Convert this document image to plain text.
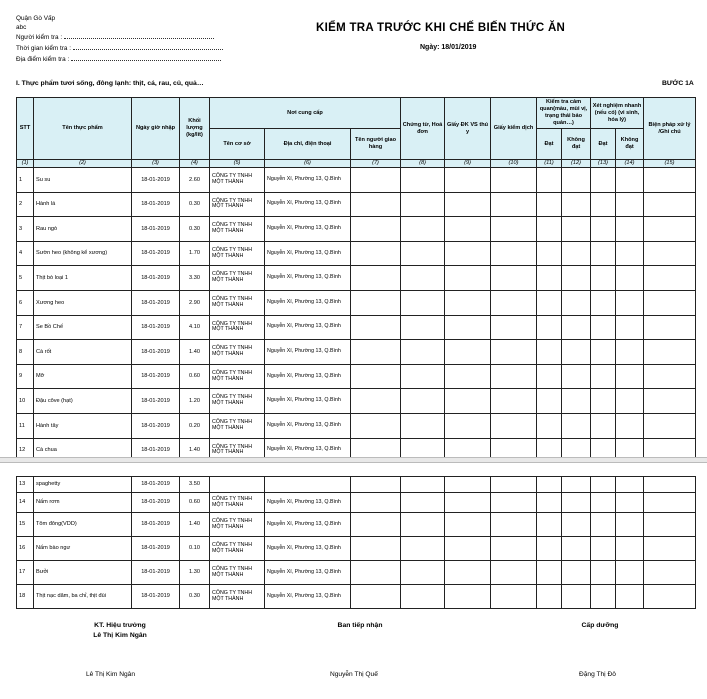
Quận Gò Vấp
abc
Người kiểm tra :
Thời gian kiểm tra :
Địa điểm kiểm tra :
KIỂM TRA TRƯỚC KHI CHẾ BIẾN THỨC ĂN
Ngày: 18/01/2019
I. Thực phẩm tươi sống, đông lạnh: thịt, cá, rau, củ, quả…	BƯỚC 1A
STT	Tên thực phẩm	Ngày giờ nhập	Khối lượng (kg/lít)	Nơi cung cấp			Chứng từ, Hoá đơn	Giấy ĐK VS thú y	Giấy kiểm dịch	Kiểm tra cảm quan(màu, mùi vị, trạng thái bảo quản…)		Xét nghiệm nhanh (nếu có) (vi sinh, hóa lý)		Biện pháp xử lý /Ghi chú
				Tên cơ sở	Địa chỉ, điện thoại	Tên người giao hàng				Đạt	Không đạt	Đạt	Không đạt	
(1)	(2)	(3)	(4)	(5)	(6)	(7)	(8)	(9)	(10)	(11)	(12)	(13)	(14)	(15)
1	Su su	18-01-2019	2.60	CÔNG TY TNHH MỘT THÀNH	Nguyễn Xí, Phường 13, Q.Bình									
2	Hành lá	18-01-2019	0.30	CÔNG TY TNHH MỘT THÀNH	Nguyễn Xí, Phường 13, Q.Bình									
3	Rau ngò	18-01-2019	0.30	CÔNG TY TNHH MỘT THÀNH	Nguyễn Xí, Phường 13, Q.Bình									
4	Sườn heo (không kể xương)	18-01-2019	1.70	CÔNG TY TNHH MỘT THÀNH	Nguyễn Xí, Phường 13, Q.Bình									
5	Thịt bò loại 1	18-01-2019	3.30	CÔNG TY TNHH MỘT THÀNH	Nguyễn Xí, Phường 13, Q.Bình									
6	Xương heo	18-01-2019	2.90	CÔNG TY TNHH MỘT THÀNH	Nguyễn Xí, Phường 13, Q.Bình									
7	Se Bồ Chế	18-01-2019	4.10	CÔNG TY TNHH MỘT THÀNH	Nguyễn Xí, Phường 13, Q.Bình									
8	Cà rốt	18-01-2019	1.40	CÔNG TY TNHH MỘT THÀNH	Nguyễn Xí, Phường 13, Q.Bình									
9	Mỡ	18-01-2019	0.60	CÔNG TY TNHH MỘT THÀNH	Nguyễn Xí, Phường 13, Q.Bình									
10	Đậu côve (hạt)	18-01-2019	1.20	CÔNG TY TNHH MỘT THÀNH	Nguyễn Xí, Phường 13, Q.Bình									
11	Hành tây	18-01-2019	0.20	CÔNG TY TNHH MỘT THÀNH	Nguyễn Xí, Phường 13, Q.Bình									
12	Cà chua	18-01-2019	1.40	CÔNG TY TNHH MỘT THÀNH	Nguyễn Xí, Phường 13, Q.Bình									
13	spaghetty	18-01-2019	3.50											
14	Nấm rơm	18-01-2019	0.60	CÔNG TY TNHH MỘT THÀNH	Nguyễn Xí, Phường 13, Q.Bình									
15	Tôm đông(VDD)	18-01-2019	1.40	CÔNG TY TNHH MỘT THÀNH	Nguyễn Xí, Phường 13, Q.Bình									
16	Nấm bào ngư	18-01-2019	0.10	CÔNG TY TNHH MỘT THÀNH	Nguyễn Xí, Phường 13, Q.Bình									
17	Bưởi	18-01-2019	1.30	CÔNG TY TNHH MỘT THÀNH	Nguyễn Xí, Phường 13, Q.Bình									
18	Thịt nạc dăm, ba chỉ, thịt đùi	18-01-2019	0.30	CÔNG TY TNHH MỘT THÀNH	Nguyễn Xí, Phường 13, Q.Bình									
KT. Hiệu trưởng
Lê Thị Kim Ngân
Ban tiếp nhận	Cấp dưỡng
Lê Thị Kim Ngân	Nguyễn Thị Quế	Đặng Thị Đô
